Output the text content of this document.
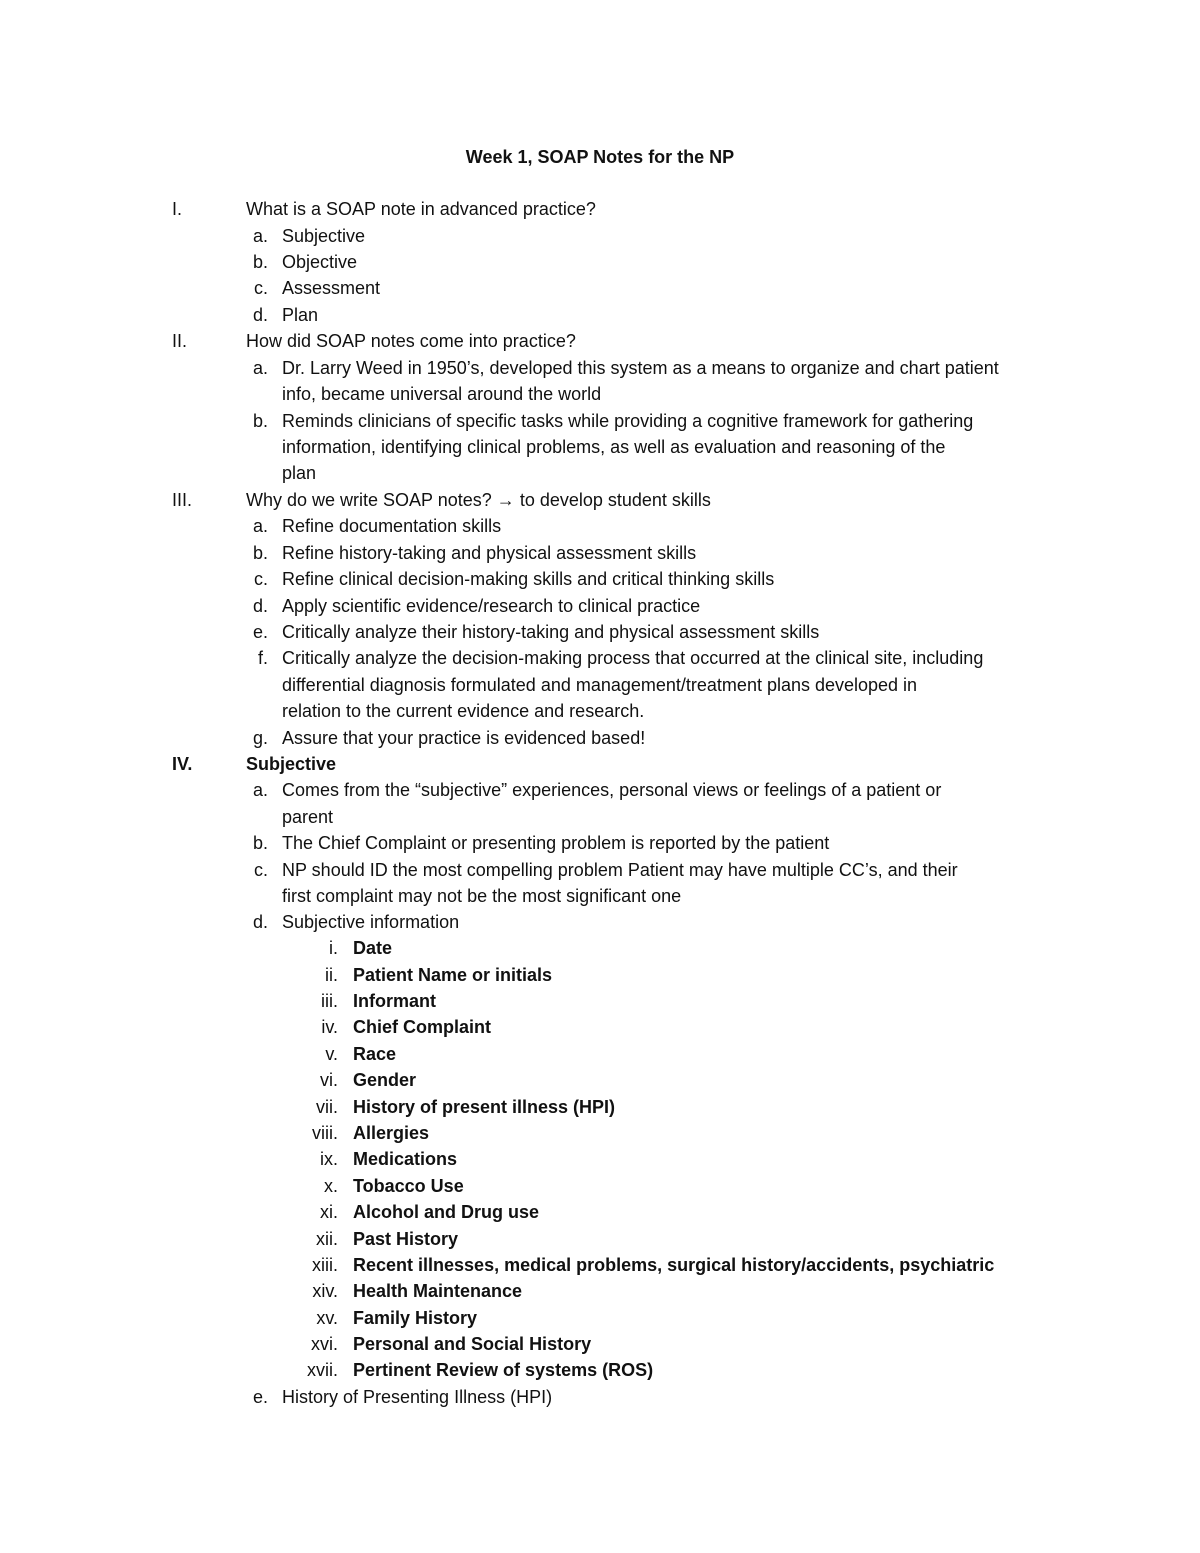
Week 1, SOAP Notes for the NP
I.	What is a SOAP note in advanced practice?
a. Subjective
b. Objective
c. Assessment
d. Plan
II.	How did SOAP notes come into practice?
a. Dr. Larry Weed in 1950’s, developed this system as a means to organize and chart patient
info, became universal around the world
b. Reminds clinicians of specific tasks while providing a cognitive framework for gathering
information, identifying clinical problems, as well as evaluation and reasoning of the
plan
III.	Why do we write SOAP notes? → to develop student skills
a. Refine documentation skills
b. Refine history-taking and physical assessment skills
c. Refine clinical decision-making skills and critical thinking skills
d. Apply scientific evidence/research to clinical practice
e. Critically analyze their history-taking and physical assessment skills
f. Critically analyze the decision-making process that occurred at the clinical site, including
differential diagnosis formulated and management/treatment plans developed in
relation to the current evidence and research.
g. Assure that your practice is evidenced based!
IV.	Subjective
a. Comes from the “subjective” experiences, personal views or feelings of a patient or
parent
b. The Chief Complaint or presenting problem is reported by the patient
c. NP should ID the most compelling problem Patient may have multiple CC’s, and their
first complaint may not be the most significant one
d. Subjective information
i. Date
ii. Patient Name or initials
iii. Informant
iv. Chief Complaint
v. Race
vi. Gender
vii. History of present illness (HPI)
viii. Allergies
ix. Medications
x. Tobacco Use
xi. Alcohol and Drug use
xii. Past History
xiii. Recent illnesses, medical problems, surgical history/accidents, psychiatric
xiv. Health Maintenance
xv. Family History
xvi. Personal and Social History
xvii. Pertinent Review of systems (ROS)
e. History of Presenting Illness (HPI)
